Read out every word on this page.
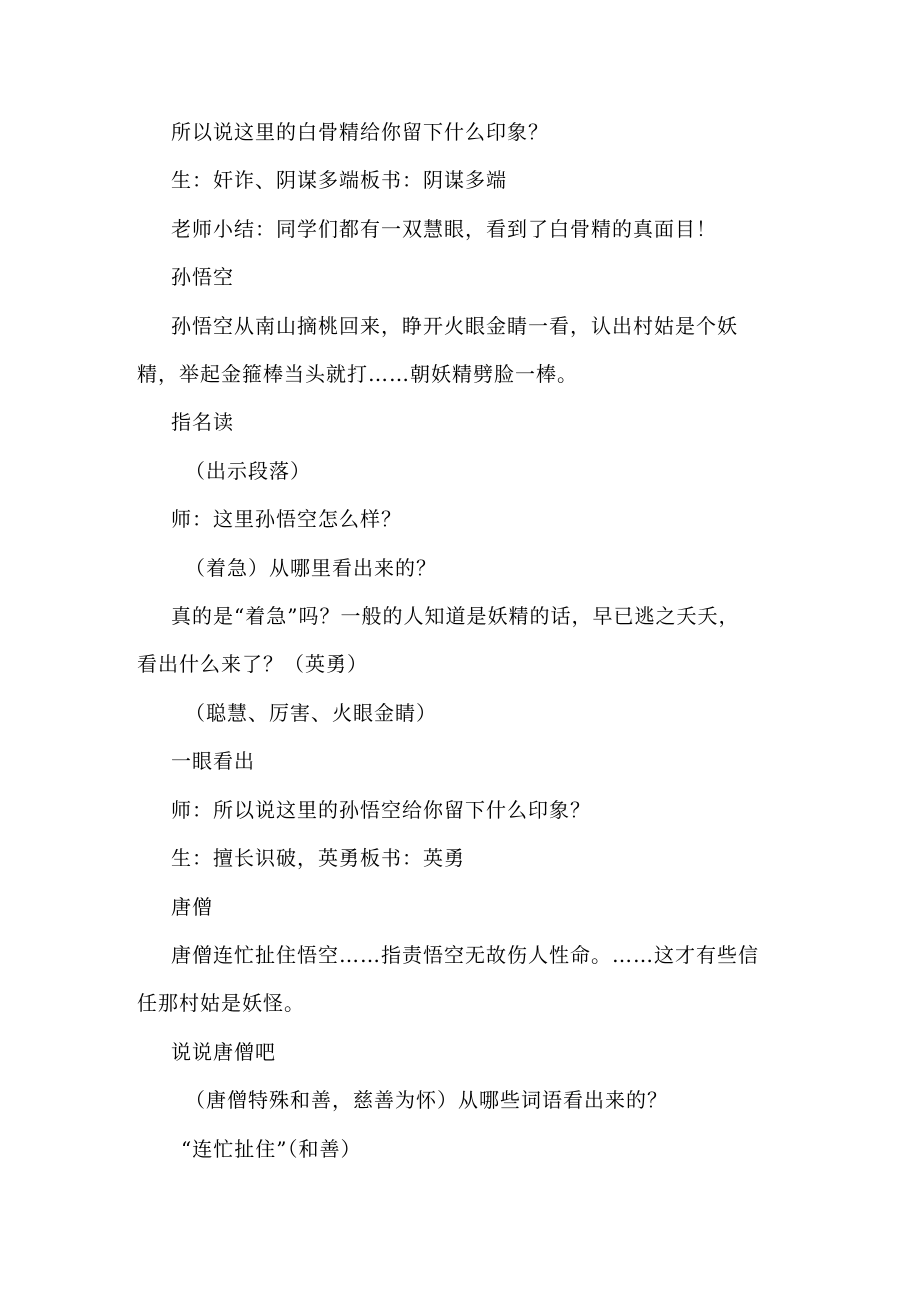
所以说这里的白骨精给你留下什么印象？
生：奸诈、阴谋多端板书：阴谋多端
老师小结：同学们都有一双慧眼，看到了白骨精的真面目！
孙悟空
孙悟空从南山摘桃回来，睁开火眼金睛一看，认出村姑是个妖
精，举起金箍棒当头就打……朝妖精劈脸一棒。
指名读
（出示段落）
师：这里孙悟空怎么样？
（着急）从哪里看出来的？
真的是“着急”吗？一般的人知道是妖精的话，早已逃之夭夭，
看出什么来了？（英勇）
（聪慧、厉害、火眼金睛）
一眼看出
师：所以说这里的孙悟空给你留下什么印象？
生：擅长识破，英勇板书：英勇
唐僧
唐僧连忙扯住悟空……指责悟空无故伤人性命。……这才有些信
任那村姑是妖怪。
说说唐僧吧
（唐僧特殊和善，慈善为怀）从哪些词语看出来的？
“连忙扯住”（和善）
